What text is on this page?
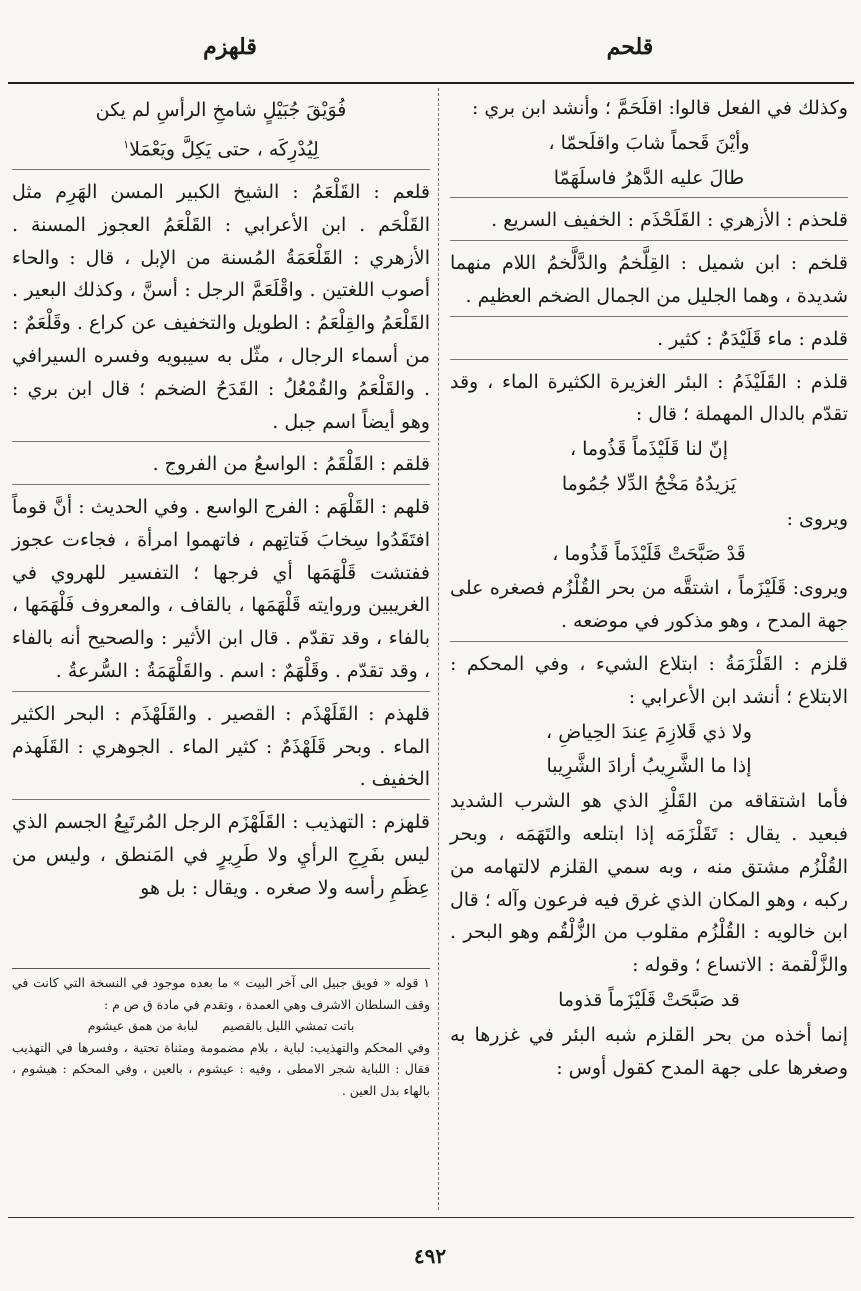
قلحم
قلهزم

وكذلك في الفعل قالوا: اقلَحَمَّ ؛ وأنشد ابن بري :

وأيْنَ قَحماً شابَ واقلَحمّا ،

طالَ عليه الدَّهرُ فاسلَهَمّا

قلحذم : الأزهري : القَلَحْذَم : الخفيف السريع .

قلخم : ابن شميل : القِلَّخمُ والدَّلَّخمُ اللام منهما شديدة ، وهما الجليل من الجمال الضخم العظيم .

قلدم : ماء قَلَيْدَمٌ : كثير .

قلذم : القَلَيْذَمُ : البئر الغزيرة الكثيرة الماء ، وقد تقدّم بالدال المهملة ؛ قال :

إنّ لنا قَلَيْذَماً قَذُوما ،

يَزيدُهُ مَخْجُ الدِّلا جُمُوما

ويروى :

قَدْ صَبَّحَتْ قَلَيْذَماً قَذُوما ،

ويروى: قَلَيْزَماً ، اشتقَّه من بحر القُلْزُم فصغره على جهة المدح ، وهو مذكور في موضعه .

قلزم : القَلْزَمَةُ : ابتلاع الشيء ، وفي المحكم : الابتلاع ؛ أنشد ابن الأعرابي :

ولا ذي قَلازِمَ عِندَ الحِياضِ ،

إذا ما الشَّرِيبُ أرادَ الشَّرِيبا

فأما اشتقاقه من القَلْزِ الذي هو الشرب الشديد فبعيد . يقال : تَقَلْزَمَه إذا ابتلعه والتَهَمَه ، وبحر القُلْزُم مشتق منه ، وبه سمي القلزم لالتهامه من ركبه ، وهو المكان الذي غرق فيه فرعون وآله ؛ قال ابن خالويه : القُلْزُم مقلوب من الزُّلْقُم وهو البحر . والزَّلْقمة : الاتساع ؛ وقوله :

قد صَبَّحَتْ قَلَيْزَماً قذوما

إنما أخذه من بحر القلزم شبه البئر في غزرها به وصغرها على جهة المدح كقول أوس :

فُوَيْقَ جُبَيْلٍ شامخِ الرأسِ لم يكن

لِيُدْرِكَه ، حتى يَكِلَّ ويَعْمَلا$^١$

قلعم : القَلْعَمُ : الشيخ الكبير المسن الهَرِم مثل القَلْحَم . ابن الأعرابي : القَلْعَمُ العجوز المسنة . الأزهري : القَلْعَمَةُ المُسنة من الإبل ، قال : والحاء أصوب اللغتين . واقْلَعَمَّ الرجل : أسنَّ ، وكذلك البعير . القَلْعَمُ والقِلْعَمُ : الطويل والتخفيف عن كراع . وقَلْعَمٌ : من أسماء الرجال ، مثّل به سيبويه وفسره السيرافي . والقَلْعَمُ والقُمْعُلُ : القَدَحُ الضخم ؛ قال ابن بري : وهو أيضاً اسم جبل .

قلقم : القَلْقَمُ : الواسعُ من الفروج .

قلهم : القَلْهَم : الفرج الواسع . وفي الحديث : أنَّ قوماً افتَقَدُوا سِخابَ فَتاتِهم ، فاتهموا امرأة ، فجاءت عجوز ففتشت قَلْهَمَها أي فرجها ؛ التفسير للهروي في الغريبين وروايته قَلْهَمَها ، بالقاف ، والمعروف فَلْهَمَها ، بالفاء ، وقد تقدّم . قال ابن الأثير : والصحيح أنه بالفاء ، وقد تقدّم . وقَلْهَمٌ : اسم . والقَلْهَمَةُ : السُّرعةُ .

قلهذم : القَلَهْذَم : القصير . والقَلَهْذَم : البحر الكثير الماء . وبحر قَلَهْذَمٌ : كثير الماء . الجوهري : القَلَهذم الخفيف .

قلهزم : التهذيب : القَلَهْزَم الرجل المُرتَبِعُ الجسم الذي ليس بفَرِجِ الرأيِ ولا طَرِيرٍ في المَنطق ، وليس من عِظَمِ رأسه ولا صغره . ويقال : بل هو

١ قوله « فويق جبيل الى آخر البيت » ما بعده موجود في النسخة التي كانت في وقف السلطان الاشرف وهي العمدة ، وتقدم في مادة ق ص م :

باتت تمشي الليل بالقصيم      لبابة من همق عيشوم

وفي المحكم والتهذيب: لباية ، بلام مضمومة ومثناة تحتية ، وفسرها في التهذيب فقال : اللباية شجر الامطى ، وفيه : عيشوم ، بالعين ، وفي المحكم : هيشوم ، بالهاء بدل العين .

٤٩٢
